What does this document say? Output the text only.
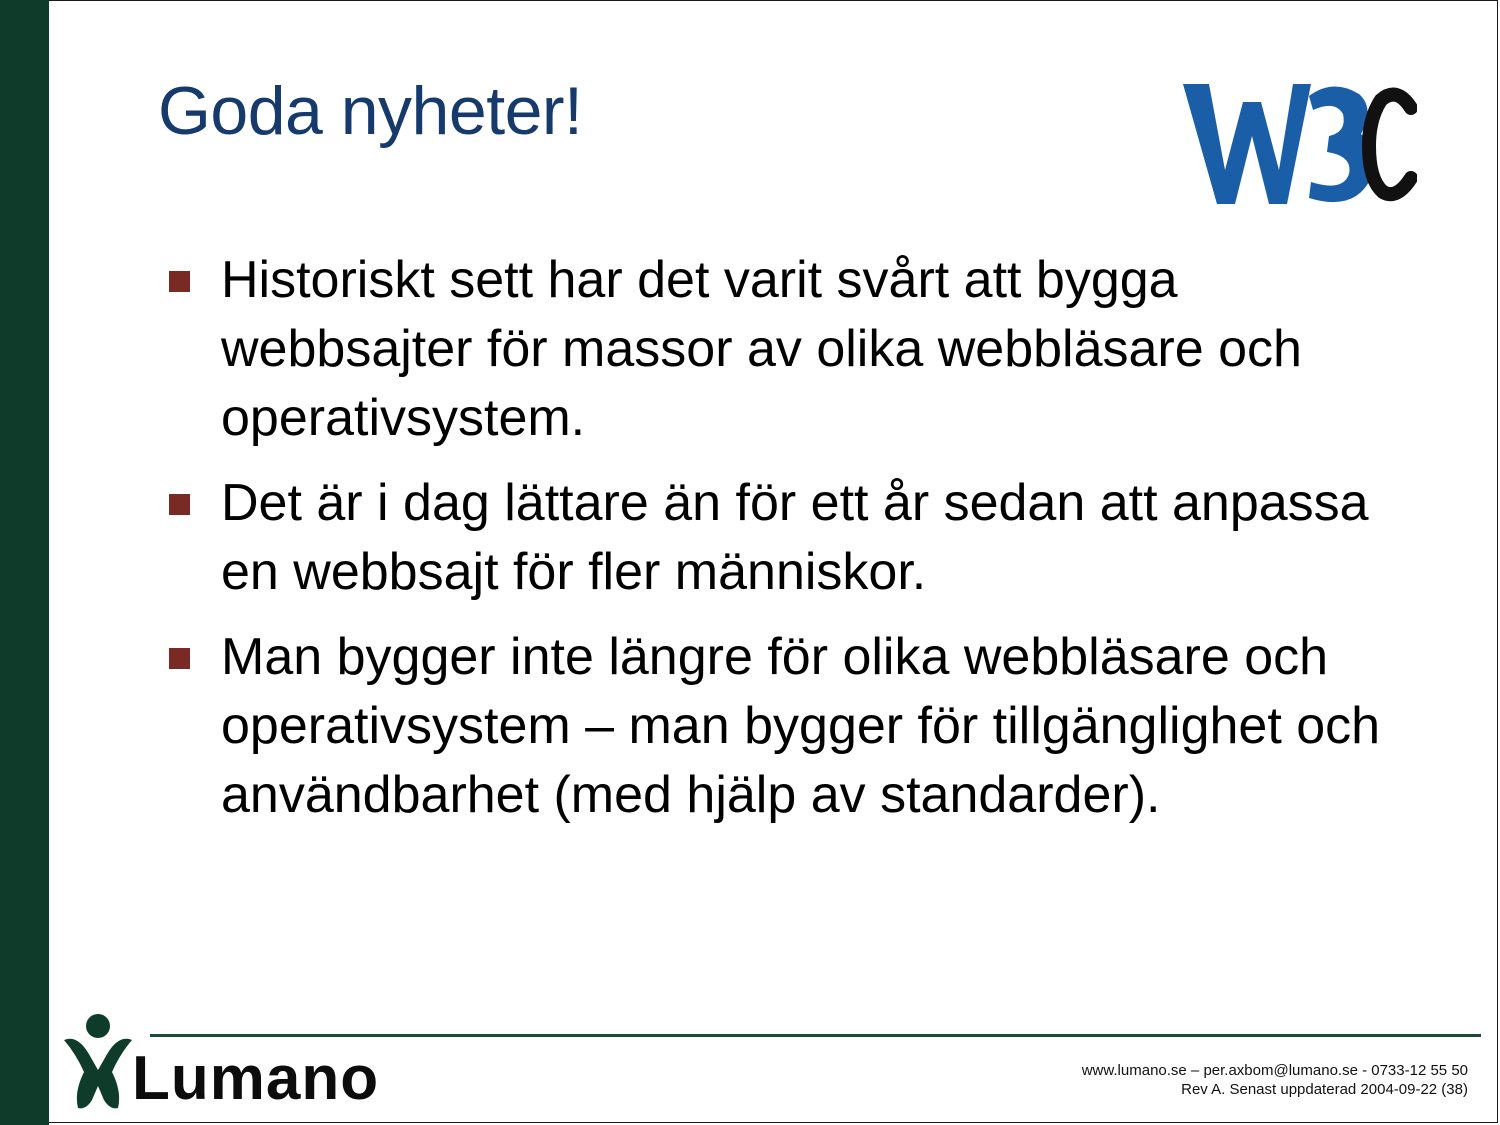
Goda nyheter!
Historiskt sett har det varit svårt att bygga webbsajter för massor av olika webbläsare och operativsystem.
Det är i dag lättare än för ett år sedan att anpassa en webbsajt för fler människor.
Man bygger inte längre för olika webbläsare och operativsystem – man bygger för tillgänglighet och användbarhet (med hjälp av standarder).
Lumano	www.lumano.se – per.axbom@lumano.se - 0733-12 55 50
Rev A. Senast uppdaterad 2004-09-22 (38)
